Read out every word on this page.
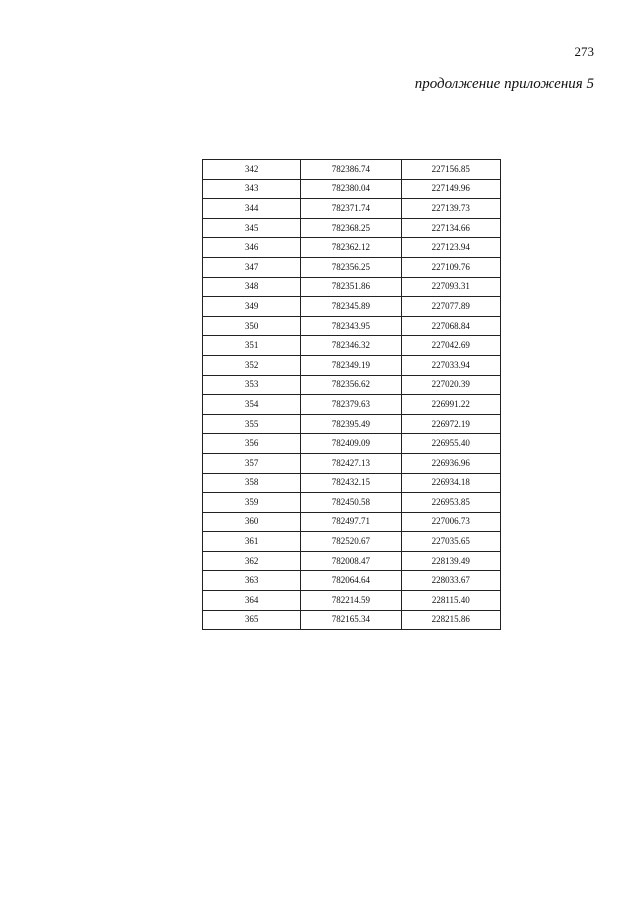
273
продолжение приложения 5
342	782386.74	227156.85
343	782380.04	227149.96
344	782371.74	227139.73
345	782368.25	227134.66
346	782362.12	227123.94
347	782356.25	227109.76
348	782351.86	227093.31
349	782345.89	227077.89
350	782343.95	227068.84
351	782346.32	227042.69
352	782349.19	227033.94
353	782356.62	227020.39
354	782379.63	226991.22
355	782395.49	226972.19
356	782409.09	226955.40
357	782427.13	226936.96
358	782432.15	226934.18
359	782450.58	226953.85
360	782497.71	227006.73
361	782520.67	227035.65
362	782008.47	228139.49
363	782064.64	228033.67
364	782214.59	228115.40
365	782165.34	228215.86
